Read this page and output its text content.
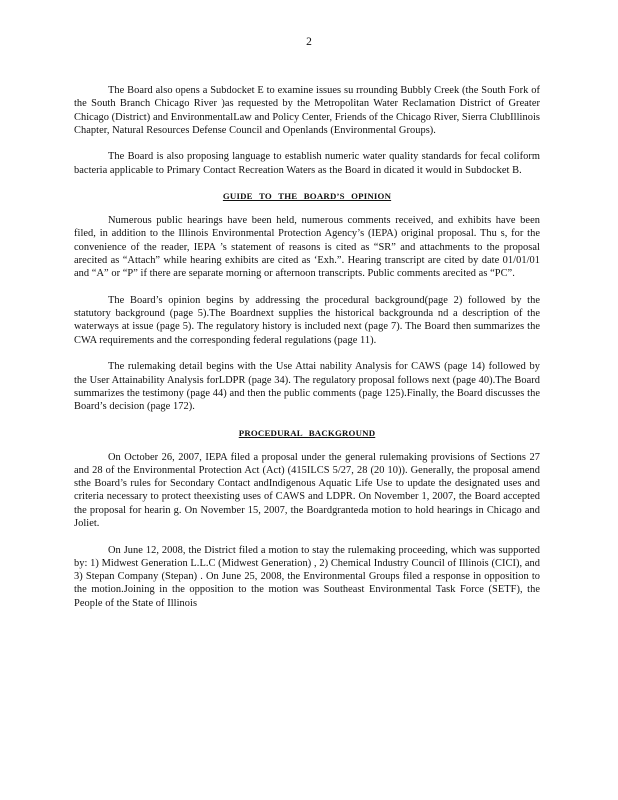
2

The Board also opens a Subdocket E to examine issues su rrounding Bubbly Creek (the South Fork of the South Branch Chicago River )as requested by the Metropolitan Water Reclamation District of Greater Chicago (District) and EnvironmentalLaw and Policy Center, Friends of the Chicago River, Sierra ClubIllinois Chapter, Natural Resources Defense Council and Openlands (Environmental Groups).

The Board is also proposing language to establish numeric water quality standards for fecal coliform bacteria applicable to Primary Contact Recreation Waters as the Board in dicated it would in Subdocket B.

GUIDE TO THE BOARD’S OPINION

Numerous public hearings have been held, numerous comments received, and exhibits have been filed, in addition to the Illinois Environmental Protection Agency’s (IEPA) original proposal. Thu s, for the convenience of the reader, IEPA ’s statement of reasons is cited as “SR” and attachments to the proposal arecited as “Attach” while hearing exhibits are cited as ‘Exh.”. Hearing transcript are cited by date 01/01/01 and “A” or “P” if there are separate morning or afternoon transcripts. Public comments arecited as “PC”.

The Board’s opinion begins by addressing the procedural background(page 2) followed by the statutory background (page 5).The Boardnext supplies the historical backgrounda nd a description of the waterways at issue (page 5). The regulatory history is included next (page 7). The Board then summarizes the CWA requirements and the corresponding federal regulations (page 11).

The rulemaking detail begins with the Use Attai nability Analysis for CAWS (page 14) followed by the User Attainability Analysis forLDPR (page 34). The regulatory proposal follows next (page 40).The Board summarizes the testimony (page 44) and then the public comments (page 125).Finally, the Board discusses the Board’s decision (page 172).

PROCEDURAL BACKGROUND

On October 26, 2007, IEPA filed a proposal under the general rulemaking provisions of Sections 27 and 28 of the Environmental Protection Act (Act) (415ILCS 5/27, 28 (20 10)). Generally, the proposal amend sthe Board’s rules for Secondary Contact andIndigenous Aquatic Life Use to update the designated uses and criteria necessary to protect theexisting uses of CAWS and LDPR. On November 1, 2007, the Board accepted the proposal for hearin g. On November 15, 2007, the Boardgranteda motion to hold hearings in Chicago and Joliet.

On June 12, 2008, the District filed a motion to stay the rulemaking proceeding, which was supported by: 1) Midwest Generation L.L.C (Midwest Generation) , 2) Chemical Industry Council of Illinois (CICI), and 3) Stepan Company (Stepan) . On June 25, 2008, the Environmental Groups filed a response in opposition to the motion.Joining in the opposition to the motion was Southeast Environmental Task Force (SETF), the People of the State of Illinois
